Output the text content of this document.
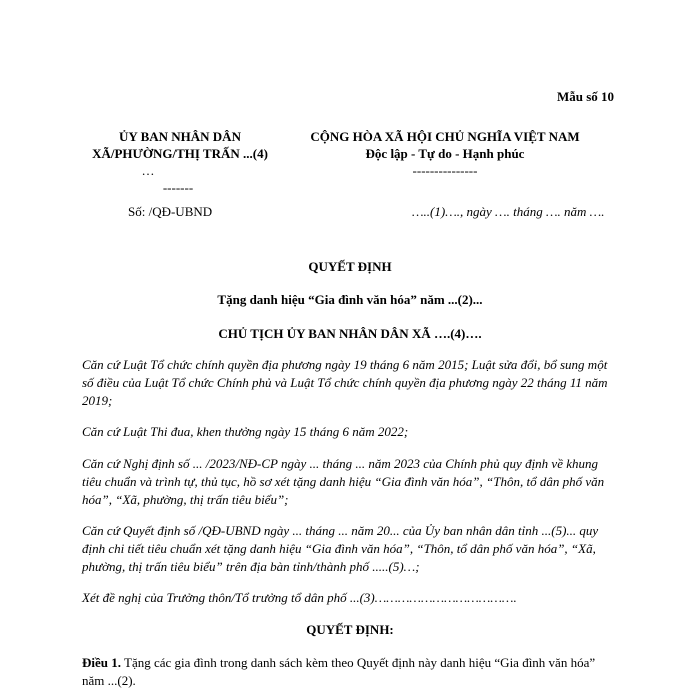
Mẫu số 10
ỦY BAN NHÂN DÂN
XÃ/PHƯỜNG/THỊ TRẤN ...(4)
…
-------
Số: /QĐ-UBND
CỘNG HÒA XÃ HỘI CHỦ NGHĨA VIỆT NAM
Độc lập - Tự do - Hạnh phúc
---------------
…..(1)…., ngày …. tháng …. năm ….
QUYẾT ĐỊNH
Tặng danh hiệu “Gia đình văn hóa” năm ...(2)...
CHỦ TỊCH ỦY BAN NHÂN DÂN XÃ ….(4)….
Căn cứ Luật Tổ chức chính quyền địa phương ngày 19 tháng 6 năm 2015; Luật sửa đổi, bổ sung một số điều của Luật Tổ chức Chính phủ và Luật Tổ chức chính quyền địa phương ngày 22 tháng 11 năm 2019;
Căn cứ Luật Thi đua, khen thưởng ngày 15 tháng 6 năm 2022;
Căn cứ Nghị định số ... /2023/NĐ-CP ngày ... tháng ... năm 2023 của Chính phủ quy định về khung tiêu chuẩn và trình tự, thủ tục, hồ sơ xét tặng danh hiệu “Gia đình văn hóa”, “Thôn, tổ dân phố văn hóa”, “Xã, phường, thị trấn tiêu biểu”;
Căn cứ Quyết định số /QĐ-UBND ngày ... tháng ... năm 20... của Ủy ban nhân dân tỉnh ...(5)... quy định chi tiết tiêu chuẩn xét tặng danh hiệu “Gia đình văn hóa”, “Thôn, tổ dân phố văn hóa”, “Xã, phường, thị trấn tiêu biểu” trên địa bàn tỉnh/thành phố .....(5)…;
Xét đề nghị của Trưởng thôn/Tổ trưởng tổ dân phố ...(3)……………………………….
QUYẾT ĐỊNH:
Điều 1. Tặng các gia đình trong danh sách kèm theo Quyết định này danh hiệu “Gia đình văn hóa” năm ...(2).
